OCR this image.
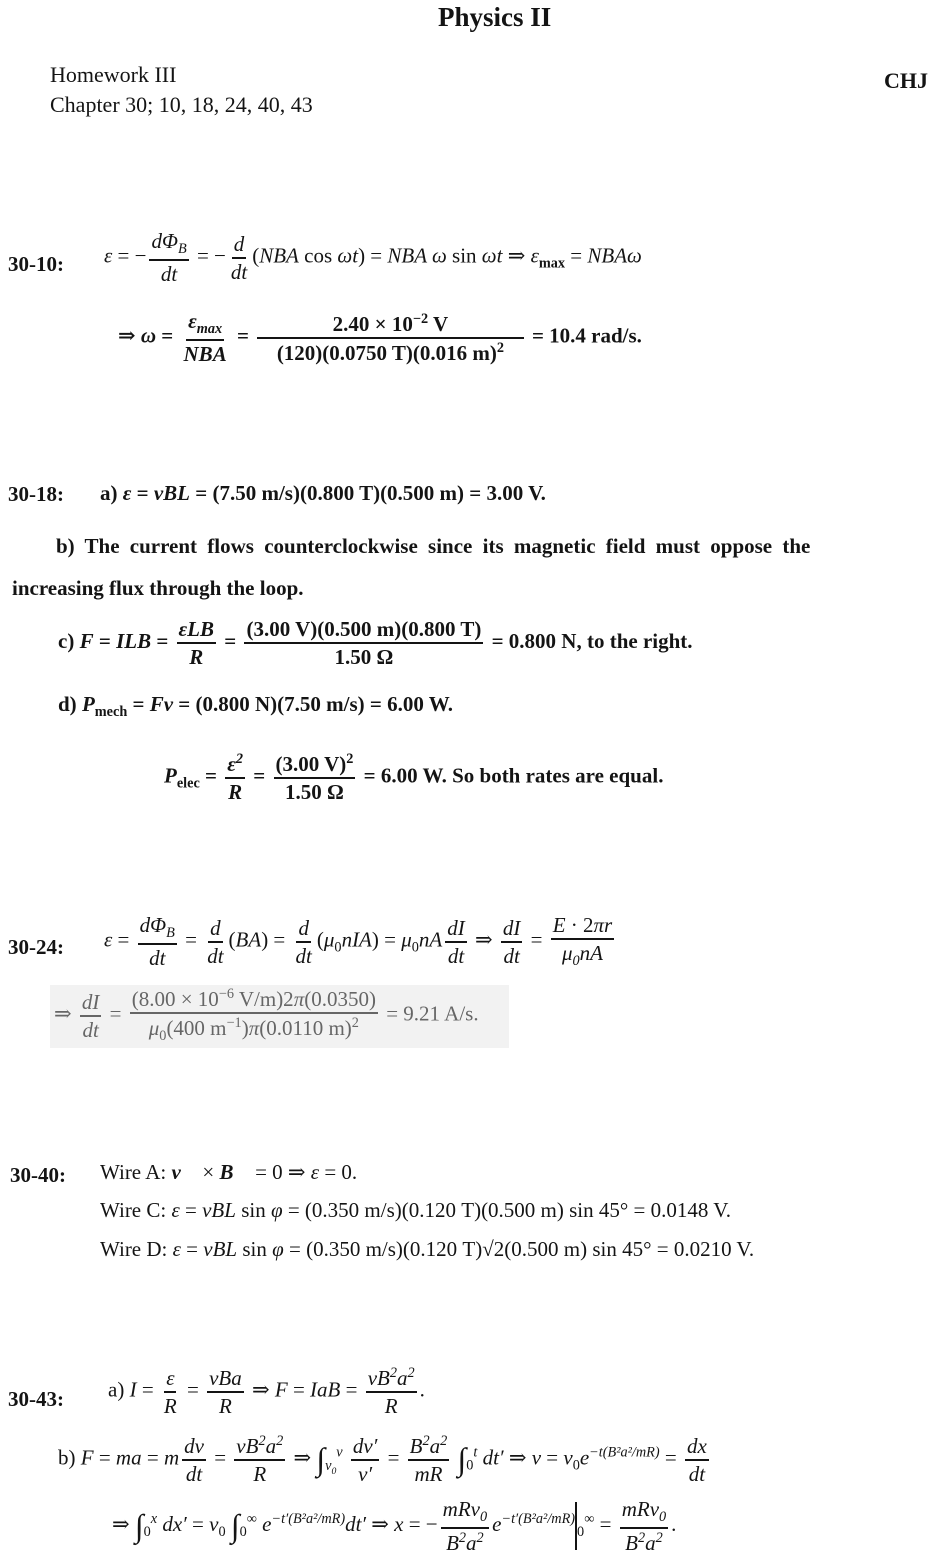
Physics II
Homework III
Chapter 30; 10, 18, 24, 40, 43
CHJ
30-10: ε = − $\frac{d\Phi_B}{dt}$ = − $\frac{d}{dt} (NBA$ cos ωt) = NBA ω sin ωt ⇒ $\varepsilon_{max} = NBA\omega$
⇒ $\omega = \frac{\varepsilon_{max}}{\text{NBA}} = \frac{2.40 \times 10^{-2} V}{(120)(0.0750 T)(0.016 m)^2} = 10.4$ rad/s.
30-18: a) ε = vBL = (7.50 m/s)(0.800 T)(0.500 m) = 3.00 V.
b) The current flows counterclockwise since its magnetic field must oppose the
increasing flux through the loop.
c) F = ILB = $\frac{\text{εLB}}{R} = \frac{(3.00 V)(0.500 m)(0.800 T)}{1.50 \Omega} = 0.800$ N, to the right.
d) $P_{mech} = Fv = (0.800$ N)(7.50 m/s) = 6.00 W.
$P_{elec} = \frac{\varepsilon^2}{R} = \frac{(3.00 V)^2}{1.50 \Omega} = 6.00$ W. So both rates are equal.
30-24: $\varepsilon = \frac{d\Phi_B}{dt} = \frac{d}{dt} (BA) = \frac{d}{dt} (\mu_0nIA) = \mu_0nA \frac{dI}{dt}$ ⇒ $\frac{dI}{dt} = \frac{E \cdot 2\pi r}{\mu_0nA}$
⇒ $\frac{dI}{dt} = \frac{(8.00 \times 10^{-6} V/m)2\pi(0.0350)}{\mu_0(400 m^{-1})\pi(0.0110 m)^2} = 9.21$ A/s.
30-40: Wire A: v⃗ × B⃗ = 0 ⇒ ε = 0.
Wire C: ε = vBL sin φ = (0.350 m/s)(0.120 T)(0.500 m) sin 45° = 0.0148 V.
Wire D: ε = vBL sin φ = (0.350 m/s)(0.120 T)√2(0.500 m) sin 45° = 0.0210 V.
30-43: a) $I = \frac{\varepsilon}{R} = \frac{\text{vBa}}{R}$ ⇒ F = IaB = $\frac{vB^2a^2}{R}$ .
b) F = ma = m $\frac{dv}{dt} = \frac{vB^2a^2}{R}$ ⇒ $\int_{v_0}^v \frac{dv'}{v'} = \frac{B^2a^2}{mR} \int_0^t$ dt′ ⇒ $v = v_0e^{-t(B^2a^2/mR)} = \frac{dx}{dt}$
⇒ $\int_0^x$ $dx' = v_0$ $\int_0^\infty$ $e^{-t'(B^2a^2/mR)}dt'$ ⇒ x = − $\frac{mRv_0}{B^2a^2} e^{-t'(B^2a^2/mR)}_0^\infty = \frac{mRv_0}{B^2a^2}$ .
